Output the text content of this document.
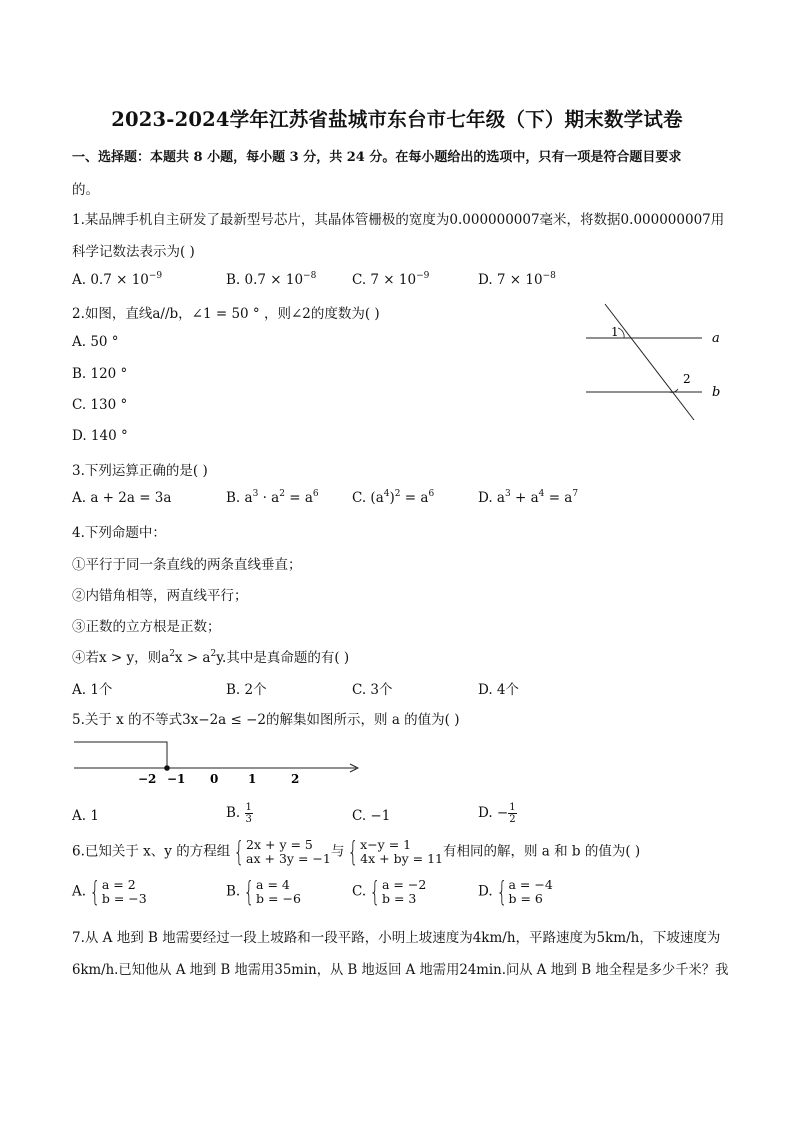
2023-2024学年江苏省盐城市东台市七年级（下）期末数学试卷
一、选择题：本题共 8 小题，每小题 3 分，共 24 分。在每小题给出的选项中，只有一项是符合题目要求
的。
1.某品牌手机自主研发了最新型号芯片，其晶体管栅极的宽度为0.000000007毫米，将数据0.000000007用
科学记数法表示为( )
A. $0.7 \times 10^{-9}$	B. $0.7 \times 10^{-8}$	C. $7 \times 10^{-9}$	D. $7 \times 10^{-8}$
2.如图，直线a//b，∠1 = 50 ° ，则∠2的度数为( )
A. 50 °
B. 120 °
C. 130 °
D. 140 °
1
2
a
b
3.下列运算正确的是( )
A. a + 2a = 3a	B. $a^3 \cdot a^2 = a^6$ C. $(a^4)^2 = a^6$	D. $a^3 + a^4 = a^7$
4.下列命题中：
①平行于同一条直线的两条直线垂直；
②内错角相等，两直线平行；
③正数的立方根是正数；
④若x > y，则$a^2x > a^2y$.其中是真命题的有( )
A. 1个	B. 2个	C. 3个	D. 4个
5.关于 x 的不等式3x−2a ≤ −2的解集如图所示，则 a 的值为( )
−2 −1 0 1	2
A. 1	B. $\frac{1}{3}$	C. −1	D. − $\frac{1}{2}$
6.已知关于 x、y 的方程组 { 2x + y = 5
ax + 3y = −1 与 { x−y = 1
4x + by = 11 有相同的解，则 a 和 b 的值为( )
A. { a = 2
b = −3	B. { a = 4
b = −6	C. { a = −2
b = 3	D. { a = −4
b = 6
7.从 A 地到 B 地需要经过一段上坡路和一段平路，小明上坡速度为4km/h，平路速度为5km/h，下坡速度为
6km/h.已知他从 A 地到 B 地需用35min，从 B 地返回 A 地需用24min.问从 A 地到 B 地全程是多少千米？我
